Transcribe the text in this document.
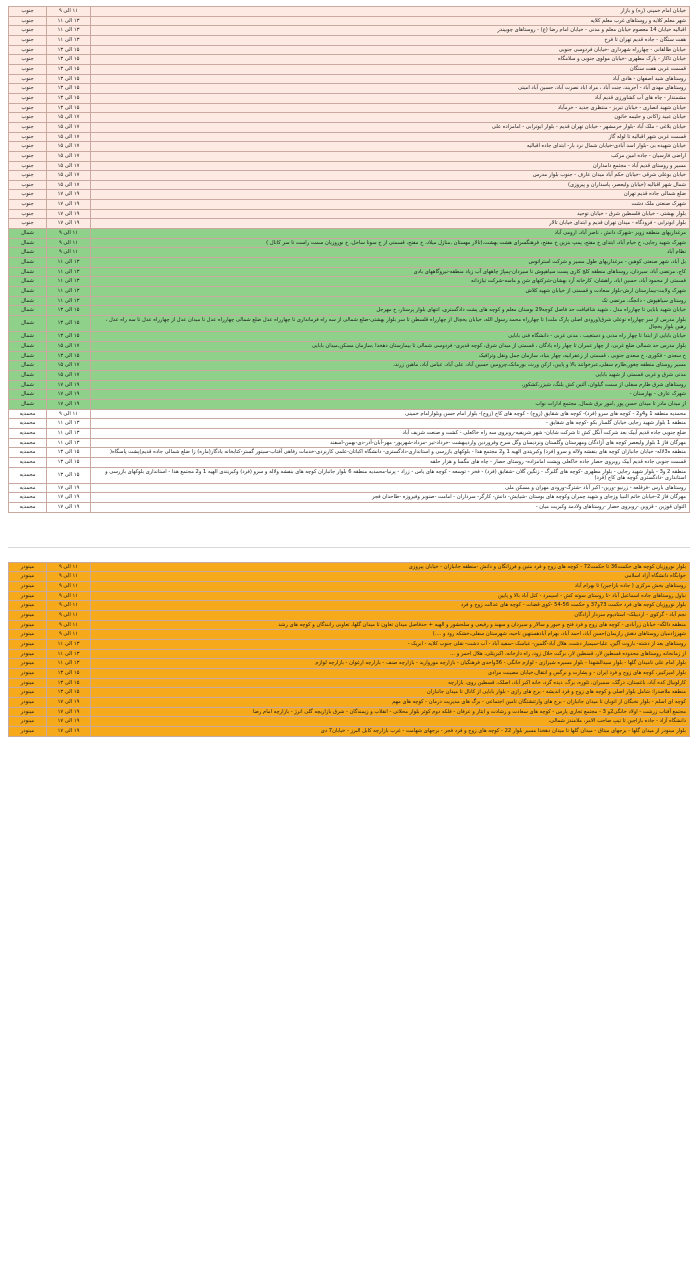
خیابان امام خمینی (ره) و بازار	۱۱ الی ۹	جنوب
شهر معلم کلایه و روستاهای غرب معلم کلایه	۱۳ الی ۱۱	جنوب
اقبالیه خیابان 14 معصوم خیابان معلم و مدنی - خیابان امام رضا (ع) - روستاهای چوبیندر	۱۳ الی ۱۱	جنوب
هفت سنگان - جاده قدیم تهران تا فرخ	۱۳ الی ۱۱	جنوب
خیابان طالقانی - چهارراه شهرداری -خیابان فردوسی جنوبی	۱۵ الی ۱۳	جنوب
خیابان تاکار - پارک مطهری -خیابان مولوی جنوبی و سلامگاه	۱۵ الی ۱۳	جنوب
قسمت غربی هفت سنگان	۱۵ الی ۱۳	جنوب
روستاهای شید اصفهان - هادی آباد	۱۵ الی ۱۳	جنوب
روستاهای مهدی آباد - آجربند، جنت آباد ، مراد اباد نصرت آباد، حسین آباد امیتی	۱۵ الی ۱۳	جنوب
مشمندار - چاه های آب کشاورزی قدیم آباد	۱۵ الی ۱۳	جنوب
خیابان شهید انصاری - خیابان تبریز - منتظری جدید - خرمآباد	۱۵ الی ۱۳	جنوب
خیابان عبید زاکانی و حلیمه خاتون	۱۷ الی ۱۵	جنوب
خیابان بلاغی - ملک آباد -بلوار خرمشهر - خیابان تهران قدیم - بلوار ابوترابی - امامزاده علی	۱۷ الی ۱۵	جنوب
قسمت غربی شهر اقبالیه تا لوله گاز	۱۷ الی ۱۵	جنوب
خیابان شهیده بی -بلوار اسد آبادی-خیابان شمال نرد بار- ابتدای جاده اقبالیه	۱۷ الی ۱۵	جنوب
اراضی فارسیان - جاده امین مرکب	۱۷ الی ۱۵	جنوب
مسیر و روستای قدیم آباد - مجتمع دامداران	۱۷ الی ۱۵	جنوب
خیابان بوعلی شرقی -خیابان حکم آباد میدان عارف - جنوب بلوار مدرس	۱۷ الی ۱۵	جنوب
شمال شهر اقبالیه (خیابان ولیعصر، پاسداران و پیروزی)	۱۷ الی ۱۵	جنوب
ضلع شمالی جاده قدیم تهران	۱۹ الی ۱۷	جنوب
شهرک صنعتی ملک دشت	۱۹ الی ۱۷	جنوب
بلوار بهشتی - خیابان فلسطین شرق - خیابان توحید	۱۹ الی ۱۷	جنوب
بلوار ابوترابی - فرودگاه - میدان تهران قدیم و ابتدای خیابان تالار	۱۹ الی ۱۷	جنوب
مرغداریهای منطقه زویر -شهرک دانش ، ناصر آباد، ارومی آباد	۱۱ الی ۹	شمال
شهرک شهید رجایی، خ خیام آباد، ابتدای خ مفتح، پمپ بنزین خ مفتح، فرهنگسرای هشت بهشت،(تالار مهستان ,منازل میلاد، خ مفتح، قسمتی از خ سونا ساحل، خ نوروزیان سمت راست تا سر کانال )	۱۱ الی ۹	شمال
نظام آباد	۱۱ الی ۹	شمال
بل آباد، شهر صنعتی کوهین - مرغداریهای طول مسیر و شرکت استراتوس	۱۳ الی ۱۱	شمال
کاج، مرتضی آباد، سیردان، روستاهای منطقه کلج کاری پست سیاهپوش تا سیردان-پمپاژ چاههای آب زیاد منطقه-نیروگاههای بادی	۱۳ الی ۱۱	شمال
قسمتی از محمود آباد، حسین اباد، راهشان، کارخانه آرد بهشان-شرکتهای شن و ماسه-شرکت تیازدانه	۱۳ الی ۱۱	شمال
شهرک ولایت-بیمارستان ارش-بلوار سعادت و قسمتی از خیابان شهید کلاش	۱۳ الی ۱۱	شمال
روستای سیاهپوش - دانجگ، مرتضی تک	۱۳ الی ۱۱	شمال
خیابان شهید بابایی تا چهارراه مدل ، شهید شافیافت حد فاصل کوچه29 بوستان معلم و کوچه های پشت دادگستری، انتهای بلوار پرستار، خ مهرجل	۱۵ الی ۱۳	شمال
بلوار مدرس از سر چهارراه نوعلی شرق(ورودی اصلی پارک ملت) تا چهارراه محمد رسول الله، خیابان یخچال از چهارراه قلسطن تا سر بلوار بهشتی-ضلع شمالی از سه راه فرمانداری تا چهارراه عدل ضلع شمالی چهارراه عدل تا میدان عدل از چهارراه عدل تا سه راه عدل ، رهین بلوار یخچال	۱۵ الی ۱۳	شمال
خیابان بابایی از ابتدا تا چهار راه مدنی و دستغیب ، مدنی غربی - دانشگاه فنی بابایی	۱۵ الی ۱۳	شمال
بلوار مدرس حد شمالی ضلع غربی، از چهار عمران تا چهار راه یادگان ، قسمتی از میدان شرق، کوچه قدیری- فردوسی شمالی تا بیمارستان دهخدا ,سازمان مسکن,میدان بابایی	۱۷ الی ۱۵	شمال
خ سعدی - فکوری، خ سعدی جنوبی ، قسمتی از زعفرانیه، چهار بنیاد، سازمان جمل ونقل وترافیک	۱۵ الی ۱۳	شمال
مسیر روستای منطقه چغور,طارم سفلی,عبرخوانند بالا و پایین، ازکن ورث، بورمانک،چرومین حسین آباد، علی آباد، عباس آباد، ماهین زرند،	۱۷ الی ۱۵	شمال
مدنی شرق و غربی قسمتی از شهید بابایی	۱۷ الی ۱۵	شمال
روستاهای شرق طارم سفلی از سمت گیلوان، آلتین کش بلنگ، شیزر،کشکور،	۱۹ الی ۱۷	شمال
شهرک عارف - بهارستان -	۱۹ الی ۱۷	شمال
از میدان مادر تا میدان حسن پور ,امور برق شمال, مجتمع ادارات نواب	۱۹ الی ۱۷	شمال
محمدیه منطقه 1 و4و2 - کوچه های سرو (فرد)- کوچه های شقایق (زوج) - کوچه های کاج (زوج)- بلوار امام حسن وبلوارامام خمینی	۱۱ الی ۹	محمدیه
منطقه 1 بلوار شهید رجایی خیابان گلسار بکو -کوچه های شقایق -	۱۳ الی ۱۱	محمدیه
ضلع جنوبی جاده قدیم آبیک بعد شرکت آنگل کش تا شرکت شایان- شهر شریفیه-روبروی سه راه خاکعلی - کشت و صنعت شریف آباد	۱۳ الی ۱۱	محمدیه
مهرگان فاز 1 بلوار ولیعصر کوچه های آزادگان ومهرستان وگلستان ونردیسان وگل سرخ وفروردین واردیبهشت -خرداد-تیر -مرداد-شهریور- مهر-آبان-آذر-دی-بهمن-اسفند	۱۳ الی ۱۱	محمدیه
منطقه ه3لاله- خیابان جانبازان کوچه های بنفشه ولاله و سرو (فرد) وکبریتدی الهیه 1 و2 مجتمع هذا - بلوکهای بازرسی و استانداری-دادگستری- دانشگاه اکباتان-علمی کاربردی-خدمات رفاهی آفتاب-سینور گستر-کتابخانه یادگار(ماره) زا ضلع شمالی جاده قدیم)پشت پاسگاه(	۱۵ الی ۱۳	محمدیه
قسمت جنوبی جاده قدیم آبیک روبروی حصار جاده خاکعلی وپشت امامزاده- روستای حصار - چاه های مگسا و هزار حلقه	۱۵ الی ۱۳	محمدیه
منطقه 2 و3 - بلوار شهید رجایی - بلوار مطهری -کوچه های گلبرگ - زنگین گلان -شقایق (فرد) - فخر - توسعه - کوچه های یاس - زراد - پرنیا-محمدیه منطقه 6 بلوار جانبازان کوچه های بنفشه ولاله و سرو (فرد) وکبریتدی الهیه 1 و2 مجتمع هذا - استانداری بلوکهای بازرسی و استانداری -دادگستری کوچه های کاج (فرد)	۱۵ الی ۱۳	محمدیه
روستاهای بارس -فرقلعه - زرنیو -ورین- اکبر آباد -شترگ-ورودی مهران و مسکن ملی	۱۹ الی ۱۷	محمدیه
مهرگان فاز 2-خیابان خاتم النبیا وزجای و شهید چمران وکوچه های بوستان -شیایش- دانش- کارگر- سرداران - امامت -صنوبر وفیروزه -طاحدان فجر	۱۹ الی ۱۷	محمدیه
التوان قوزین - قزوین -روبروی حصار -روستاهای ولادمد وکبریت میان -	۱۹ الی ۱۷	محمدیه
بلوار نوروزیان کوچه های حکمت36 تا حکمت72 - کوچه های زوج و فرد متین و فرزانگان و دانش -منطقه جانبازان - خیابان پیروزی	۱۱ الی ۹	مینودر
خوابگاه دانشگاه آزاد اسلامی	۱۱ الی ۹	مینودر
روستاهای بخش مرکزی ( جاده بازاجین) تا بهرام آباد	۱۱ الی ۹	مینودر
نباول روستاهای جاده اسماعیل آباد -تا روستای سوته کش - اسپمرد - کنل آباد بالا و پایین	۱۱ الی ۹	مینودر
بلوار نوروزیان کوچه های فرد حکمت 73و37 و حکمت 56-54 -کوی قضات - کوچه های عدالت زوج و فرد	۱۱ الی ۹	مینودر
نجم آباد - گرکوی - اردبیلک- استادیوم سردار آزادگان	۱۱ الی ۹	مینودر
منطقه دالگه- خیابان زرآبادی - کوچه های زوج و فرد فتح و خیور و سالار و سیردان و سهند و رفیعی و سلحشور و الهیه + حدفاصل میدان تعاون تا میدان گلها، تعاونی رانندگان و کوچه های رشد	۱۱ الی ۹	مینودر
شهرزادمیان روستاهای دهش رازیمان)حسن آباد، احمد آباد، بهرام آبادهستهین ناحیه، شهرستان سفلی،خشکه رود و ....)	۱۱ الی ۹	مینودر
روستاهای بعد از دشته- باروت آگین، علیا-سیمیار دشت، هلال آباد-گلمین- عباسک -سفید آباد - آب دشت- نقلی جنوب کلایه - ابریک -	۱۳ الی ۱۱	مینودر
از زمانخانه روستاهای محدوده قسطین لار، قسطین لار، برگت حلال زود، راه دارخانه، اکبریتلی، هلال احمر و ...	۱۳ الی ۱۱	مینودر
بلوار امام علی تامیدان گلها - بلوار سیدالشهدا - بلوار مسیره شیرازی - لوازم خانگی - 36واحدی فرهنگیان - بازارچه موروارید - بازارچه صنف - بازارچه ارغوان - بازارچه لوازم	۱۳ الی ۱۱	مینودر
بلوار امیرکبیر، کوچه های زوج و فرد ایران - و پشارت و نرگس و انتقال،خیابان مصیبت مرادی	۱۵ الی ۱۳	مینودر
کارلونیال کده آباد، باغستان، درگک، سمبران، تلوره، برگ، دیده گرد، خانه اکبر آباد، اصلک، قسطین روی، بازارچه	۱۵ الی ۱۳	مینودر
منطقه ملاصدرا: شامل بلوار اصلی و کوچه های زوج و فرد اندیشه - برج های رازی - بلوار بابایی از کانال تا میدان جانبازان	۱۵ الی ۱۳	مینودر
کوچه ای اسلم - بلوار نخبگان از اتوبان تا میدان جانبازان - برج های وارثنشتگان تامین اجتماعی - برگ های مدیریت درمان - کوچه های مهم	۱۹ الی ۱۷	مینودر
مجتمع آفتاب زرشت - اولاد خانگی2و 3 - مجتمع تجاری پارس - کوچه های سعادت و رشادت و ایثار و عرفان - فلکه دوم کوثر بلوار محلاتی - انقلاب و زیمندگان - شرق بازاریچه گلی انرژ - بازارچه امام رضا	۱۹ الی ۱۷	مینودر
دانشگاه آزاد - جاده بازاجین تا تیپ صاحب الامر، ملامندز شمالی،	۱۹ الی ۱۷	مینودر
بلوار مینودر از میدان گلها - برجهای میثاق - میدان گلها تا میدان دهخدا مسیر بلوار 22 - کوچه های زوج و فرد فجر - برجهای شهامت - غرب بازارچه کابل البرز - خیابان7 دی	۱۹ الی ۱۷	مینودر
